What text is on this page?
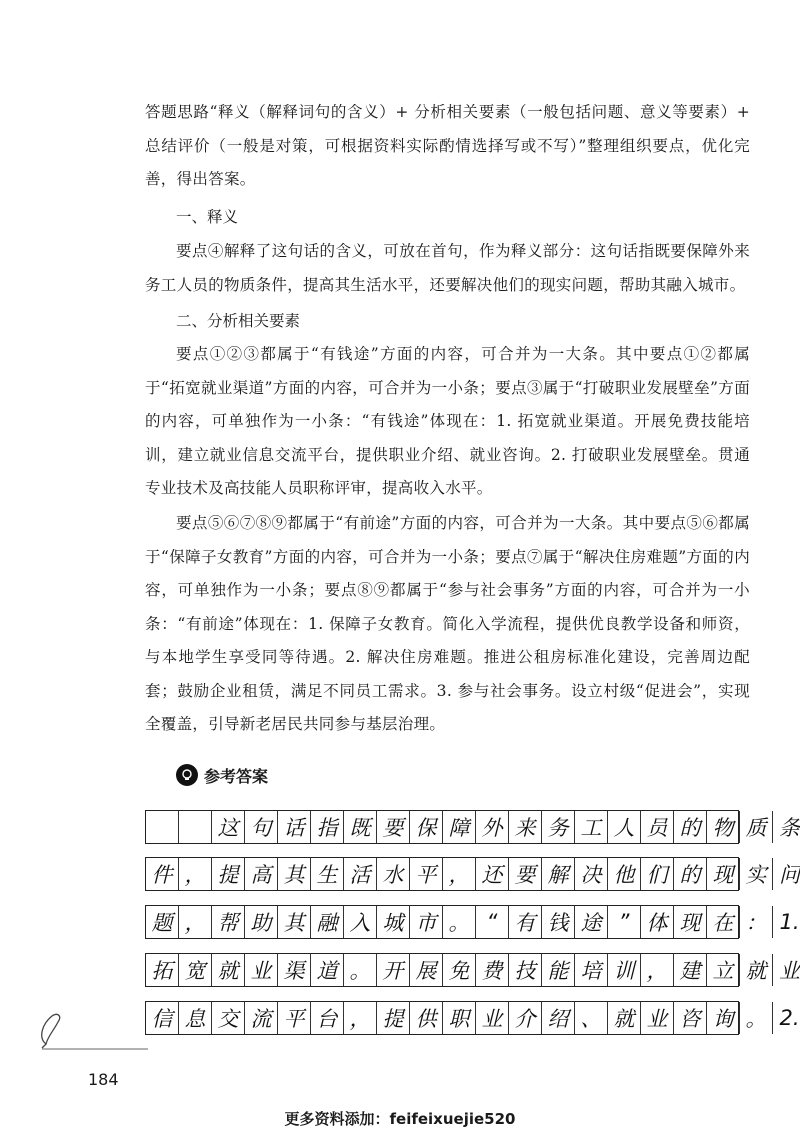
答题思路“释义（解释词句的含义）+ 分析相关要素（一般包括问题、意义等要素）+ 总结评价（一般是对策，可根据资料实际酌情选择写或不写）”整理组织要点，优化完善，得出答案。

一、释义

要点④解释了这句话的含义，可放在首句，作为释义部分：这句话指既要保障外来务工人员的物质条件，提高其生活水平，还要解决他们的现实问题，帮助其融入城市。

二、分析相关要素

要点①②③都属于“有钱途”方面的内容，可合并为一大条。其中要点①②都属于“拓宽就业渠道”方面的内容，可合并为一小条；要点③属于“打破职业发展壁垒”方面的内容，可单独作为一小条：“有钱途”体现在：1. 拓宽就业渠道。开展免费技能培训，建立就业信息交流平台，提供职业介绍、就业咨询。2. 打破职业发展壁垒。贯通专业技术及高技能人员职称评审，提高收入水平。

要点⑤⑥⑦⑧⑨都属于“有前途”方面的内容，可合并为一大条。其中要点⑤⑥都属于“保障子女教育”方面的内容，可合并为一小条；要点⑦属于“解决住房难题”方面的内容，可单独作为一小条；要点⑧⑨都属于“参与社会事务”方面的内容，可合并为一小条：“有前途”体现在：1. 保障子女教育。简化入学流程，提供优良教学设备和师资，与本地学生享受同等待遇。2. 解决住房难题。推进公租房标准化建设，完善周边配套；鼓励企业租赁，满足不同员工需求。3. 参与社会事务。设立村级“促进会”，实现全覆盖，引导新老居民共同参与基层治理。

参考答案
这 句 话 指 既 要 保 障 外 来 务 工 人 员 的 物 质 条
件 ， 提 高 其 生 活 水 平 ， 还 要 解 决 他 们 的 现 实 问
题 ， 帮 助 其 融 入 城 市 。 “ 有 钱 途 ” 体 现 在 ： 1.
拓 宽 就 业 渠 道 。 开 展 免 费 技 能 培 训 ， 建 立 就 业
信 息 交 流 平 台 ， 提 供 职 业 介 绍 、 就 业 咨 询 。 2.
184
更多资料添加：feifeixuejie520
